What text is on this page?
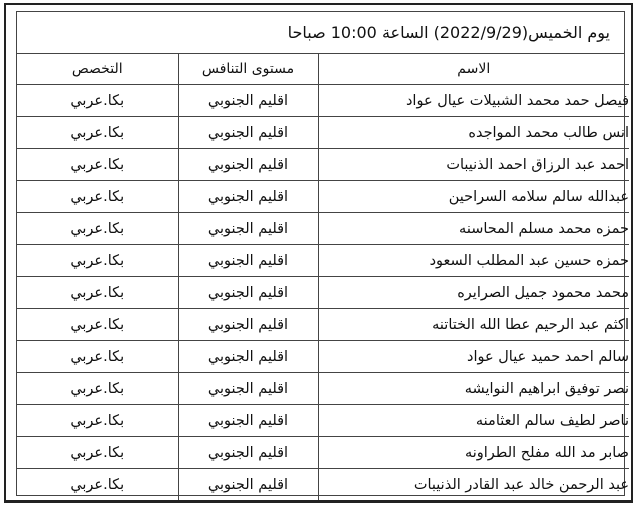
يوم الخميس(2022/9/29) الساعة 10:00 صباحا
الاسم	مستوى التنافس	التخصص
فيصل حمد محمد الشبيلات عيال عواد	اقليم الجنوبي	بكا.عربي
انس طالب محمد المواجده	اقليم الجنوبي	بكا.عربي
احمد عبد الرزاق احمد الذنيبات	اقليم الجنوبي	بكا.عربي
عبدالله سالم سلامه السراحين	اقليم الجنوبي	بكا.عربي
حمزه محمد مسلم المحاسنه	اقليم الجنوبي	بكا.عربي
حمزه حسين عبد المطلب السعود	اقليم الجنوبي	بكا.عربي
محمد محمود جميل الصرايره	اقليم الجنوبي	بكا.عربي
اكثم عبد الرحيم عطا الله الختاتنه	اقليم الجنوبي	بكا.عربي
سالم احمد حميد عيال عواد	اقليم الجنوبي	بكا.عربي
نصر توفيق ابراهيم النوايشه	اقليم الجنوبي	بكا.عربي
ناصر لطيف سالم العثامنه	اقليم الجنوبي	بكا.عربي
صابر مد الله مفلح الطراونه	اقليم الجنوبي	بكا.عربي
عبد الرحمن خالد عبد القادر الذنيبات	اقليم الجنوبي	بكا.عربي
